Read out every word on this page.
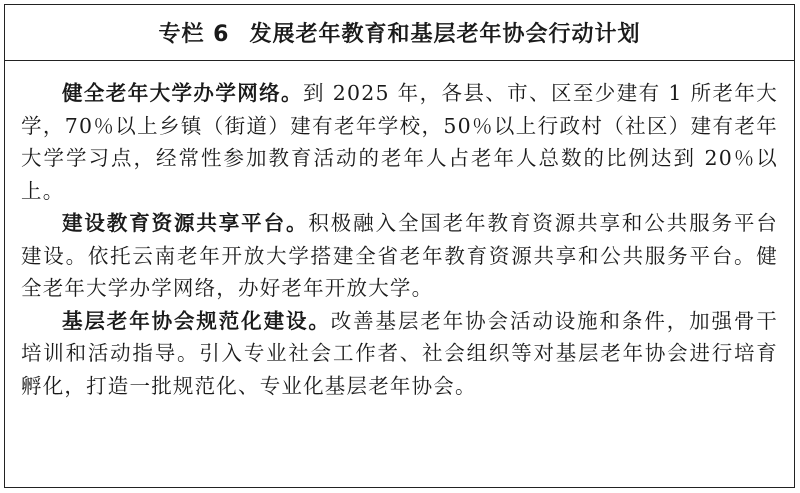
专栏 6 发展老年教育和基层老年协会行动计划

健全老年大学办学网络。到 2025 年，各县、市、区至少建有 1 所老年大学，70％以上乡镇（街道）建有老年学校，50％以上行政村（社区）建有老年大学学习点，经常性参加教育活动的老年人占老年人总数的比例达到 20％以上。

建设教育资源共享平台。积极融入全国老年教育资源共享和公共服务平台建设。依托云南老年开放大学搭建全省老年教育资源共享和公共服务平台。健全老年大学办学网络，办好老年开放大学。

基层老年协会规范化建设。改善基层老年协会活动设施和条件，加强骨干培训和活动指导。引入专业社会工作者、社会组织等对基层老年协会进行培育孵化，打造一批规范化、专业化基层老年协会。
